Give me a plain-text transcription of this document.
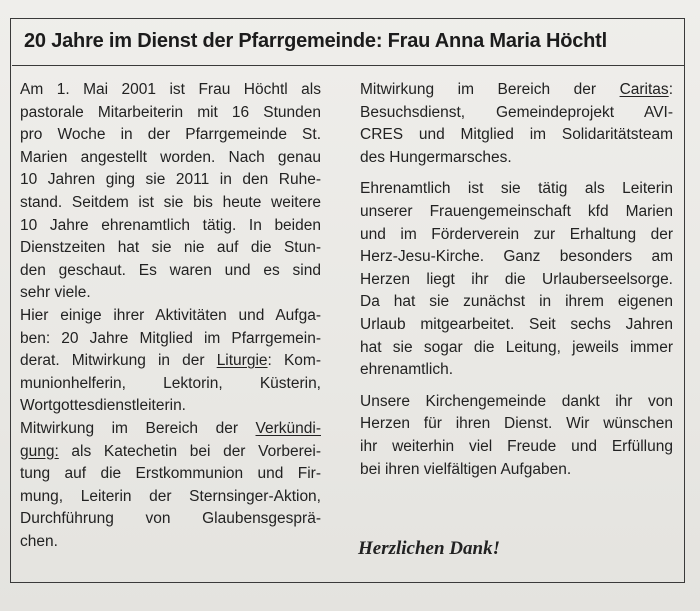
20 Jahre im Dienst der Pfarrgemeinde: Frau Anna Maria Höchtl
Am 1. Mai 2001 ist Frau Höchtl als
pastorale Mitarbeiterin mit 16 Stunden
pro Woche in der Pfarrgemeinde St.
Marien angestellt worden. Nach genau
10 Jahren ging sie 2011 in den Ruhe-
stand. Seitdem ist sie bis heute weitere
10 Jahre ehrenamtlich tätig. In beiden
Dienstzeiten hat sie nie auf die Stun-
den geschaut. Es waren und es sind
sehr viele.
Hier einige ihrer Aktivitäten und Aufga-
ben: 20 Jahre Mitglied im Pfarrgemein-
derat. Mitwirkung in der Liturgie: Kom-
munionhelferin, Lektorin, Küsterin,
Wortgottesdienstleiterin.
Mitwirkung im Bereich der Verkündi-
gung: als Katechetin bei der Vorberei-
tung auf die Erstkommunion und Fir-
mung, Leiterin der Sternsinger-Aktion,
Durchführung von Glaubensgesprä-
chen.
Mitwirkung im Bereich der Caritas:
Besuchsdienst, Gemeindeprojekt AVI-
CRES und Mitglied im Solidaritätsteam
des Hungermarsches.
Ehrenamtlich ist sie tätig als Leiterin
unserer Frauengemeinschaft kfd Marien
und im Förderverein zur Erhaltung der
Herz-Jesu-Kirche. Ganz besonders am
Herzen liegt ihr die Urlauberseelsorge.
Da hat sie zunächst in ihrem eigenen
Urlaub mitgearbeitet. Seit sechs Jahren
hat sie sogar die Leitung, jeweils immer
ehrenamtlich.
Unsere Kirchengemeinde dankt ihr von
Herzen für ihren Dienst. Wir wünschen
ihr weiterhin viel Freude und Erfüllung
bei ihren vielfältigen Aufgaben.

Herzlichen Dank!
